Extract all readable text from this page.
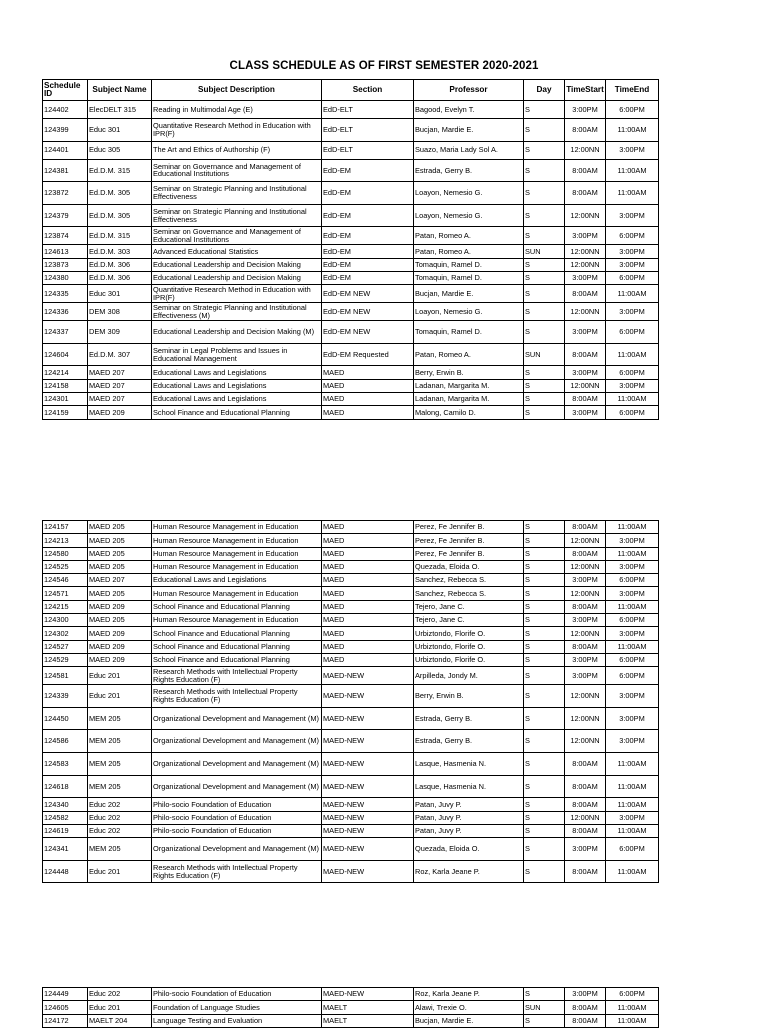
CLASS SCHEDULE AS OF FIRST SEMESTER 2020-2021
Schedule ID	Subject Name	Subject Description	Section	Professor	Day	TimeStart	TimeEnd
124402	ElecDELT 315	Reading in Multimodal Age (E)	EdD-ELT	Bagood, Evelyn T.	S	3:00PM	6:00PM
124399	Educ 301	Quantitative Research Method in Education with IPR(F)	EdD-ELT	Bucjan, Mardie E.	S	8:00AM	11:00AM
124401	Educ 305	The Art and Ethics of Authorship (F)	EdD-ELT	Suazo, Maria Lady Sol A.	S	12:00NN	3:00PM
124381	Ed.D.M. 315	Seminar on Governance and Management of Educational Institutions	EdD-EM	Estrada, Gerry B.	S	8:00AM	11:00AM
123872	Ed.D.M. 305	Seminar on Strategic Planning and Institutional Effectiveness	EdD-EM	Loayon, Nemesio G.	S	8:00AM	11:00AM
124379	Ed.D.M. 305	Seminar on Strategic Planning and Institutional Effectiveness	EdD-EM	Loayon, Nemesio G.	S	12:00NN	3:00PM
123874	Ed.D.M. 315	Seminar on Governance and Management of Educational Institutions	EdD-EM	Patan, Romeo A.	S	3:00PM	6:00PM
124613	Ed.D.M. 303	Advanced Educational Statistics	EdD-EM	Patan, Romeo A.	SUN	12:00NN	3:00PM
123873	Ed.D.M. 306	Educational Leadership and Decision Making	EdD-EM	Tomaquin, Ramel D.	S	12:00NN	3:00PM
124380	Ed.D.M. 306	Educational Leadership and Decision Making	EdD-EM	Tomaquin, Ramel D.	S	3:00PM	6:00PM
124335	Educ 301	Quantitative Research Method in Education with IPR(F)	EdD-EM NEW	Bucjan, Mardie E.	S	8:00AM	11:00AM
124336	DEM 308	Seminar on Strategic Planning and Institutional Effectiveness (M)	EdD-EM NEW	Loayon, Nemesio G.	S	12:00NN	3:00PM
124337	DEM 309	Educational Leadership and Decision Making (M)	EdD-EM NEW	Tomaquin, Ramel D.	S	3:00PM	6:00PM
124604	Ed.D.M. 307	Seminar in Legal Problems and Issues in Educational Management	EdD-EM Requested	Patan, Romeo A.	SUN	8:00AM	11:00AM
124214	MAED 207	Educational Laws and Legislations	MAED	Berry, Erwin B.	S	3:00PM	6:00PM
124158	MAED 207	Educational Laws and Legislations	MAED	Ladanan, Margarita M.	S	12:00NN	3:00PM
124301	MAED 207	Educational Laws and Legislations	MAED	Ladanan, Margarita M.	S	8:00AM	11:00AM
124159	MAED 209	School Finance and Educational Planning	MAED	Malong, Camilo D.	S	3:00PM	6:00PM
124157	MAED 205	Human Resource Management in Education	MAED	Perez, Fe Jennifer B.	S	8:00AM	11:00AM
124213	MAED 205	Human Resource Management in Education	MAED	Perez, Fe Jennifer B.	S	12:00NN	3:00PM
124580	MAED 205	Human Resource Management in Education	MAED	Perez, Fe Jennifer B.	S	8:00AM	11:00AM
124525	MAED 205	Human Resource Management in Education	MAED	Quezada, Eloida O.	S	12:00NN	3:00PM
124546	MAED 207	Educational Laws and Legislations	MAED	Sanchez, Rebecca S.	S	3:00PM	6:00PM
124571	MAED 205	Human Resource Management in Education	MAED	Sanchez, Rebecca S.	S	12:00NN	3:00PM
124215	MAED 209	School Finance and Educational Planning	MAED	Tejero, Jane C.	S	8:00AM	11:00AM
124300	MAED 205	Human Resource Management in Education	MAED	Tejero, Jane C.	S	3:00PM	6:00PM
124302	MAED 209	School Finance and Educational Planning	MAED	Urbiztondo, Florife O.	S	12:00NN	3:00PM
124527	MAED 209	School Finance and Educational Planning	MAED	Urbiztondo, Florife O.	S	8:00AM	11:00AM
124529	MAED 209	School Finance and Educational Planning	MAED	Urbiztondo, Florife O.	S	3:00PM	6:00PM
124581	Educ 201	Research Methods with Intellectual Property Rights Education (F)	MAED-NEW	Arpilleda, Jondy M.	S	3:00PM	6:00PM
124339	Educ 201	Research Methods with Intellectual Property Rights Education (F)	MAED-NEW	Berry, Erwin B.	S	12:00NN	3:00PM
124450	MEM 205	Organizational Development and Management (M)	MAED-NEW	Estrada, Gerry B.	S	12:00NN	3:00PM
124586	MEM 205	Organizational Development and Management (M)	MAED-NEW	Estrada, Gerry B.	S	12:00NN	3:00PM
124583	MEM 205	Organizational Development and Management (M)	MAED-NEW	Lasque, Hasmenia N.	S	8:00AM	11:00AM
124618	MEM 205	Organizational Development and Management (M)	MAED-NEW	Lasque, Hasmenia N.	S	8:00AM	11:00AM
124340	Educ 202	Philo-socio Foundation of Education	MAED-NEW	Patan, Juvy P.	S	8:00AM	11:00AM
124582	Educ 202	Philo-socio Foundation of Education	MAED-NEW	Patan, Juvy P.	S	12:00NN	3:00PM
124619	Educ 202	Philo-socio Foundation of Education	MAED-NEW	Patan, Juvy P.	S	8:00AM	11:00AM
124341	MEM 205	Organizational Development and Management (M)	MAED-NEW	Quezada, Eloida O.	S	3:00PM	6:00PM
124448	Educ 201	Research Methods with Intellectual Property Rights Education (F)	MAED-NEW	Roz, Karla Jeane P.	S	8:00AM	11:00AM
124449	Educ 202	Philo-socio Foundation of Education	MAED-NEW	Roz, Karla Jeane P.	S	3:00PM	6:00PM
124605	Educ 201	Foundation of Language Studies	MAELT	Alawi, Trexie O.	SUN	8:00AM	11:00AM
124172	MAELT 204	Language Testing and Evaluation	MAELT	Bucjan, Mardie E.	S	8:00AM	11:00AM
